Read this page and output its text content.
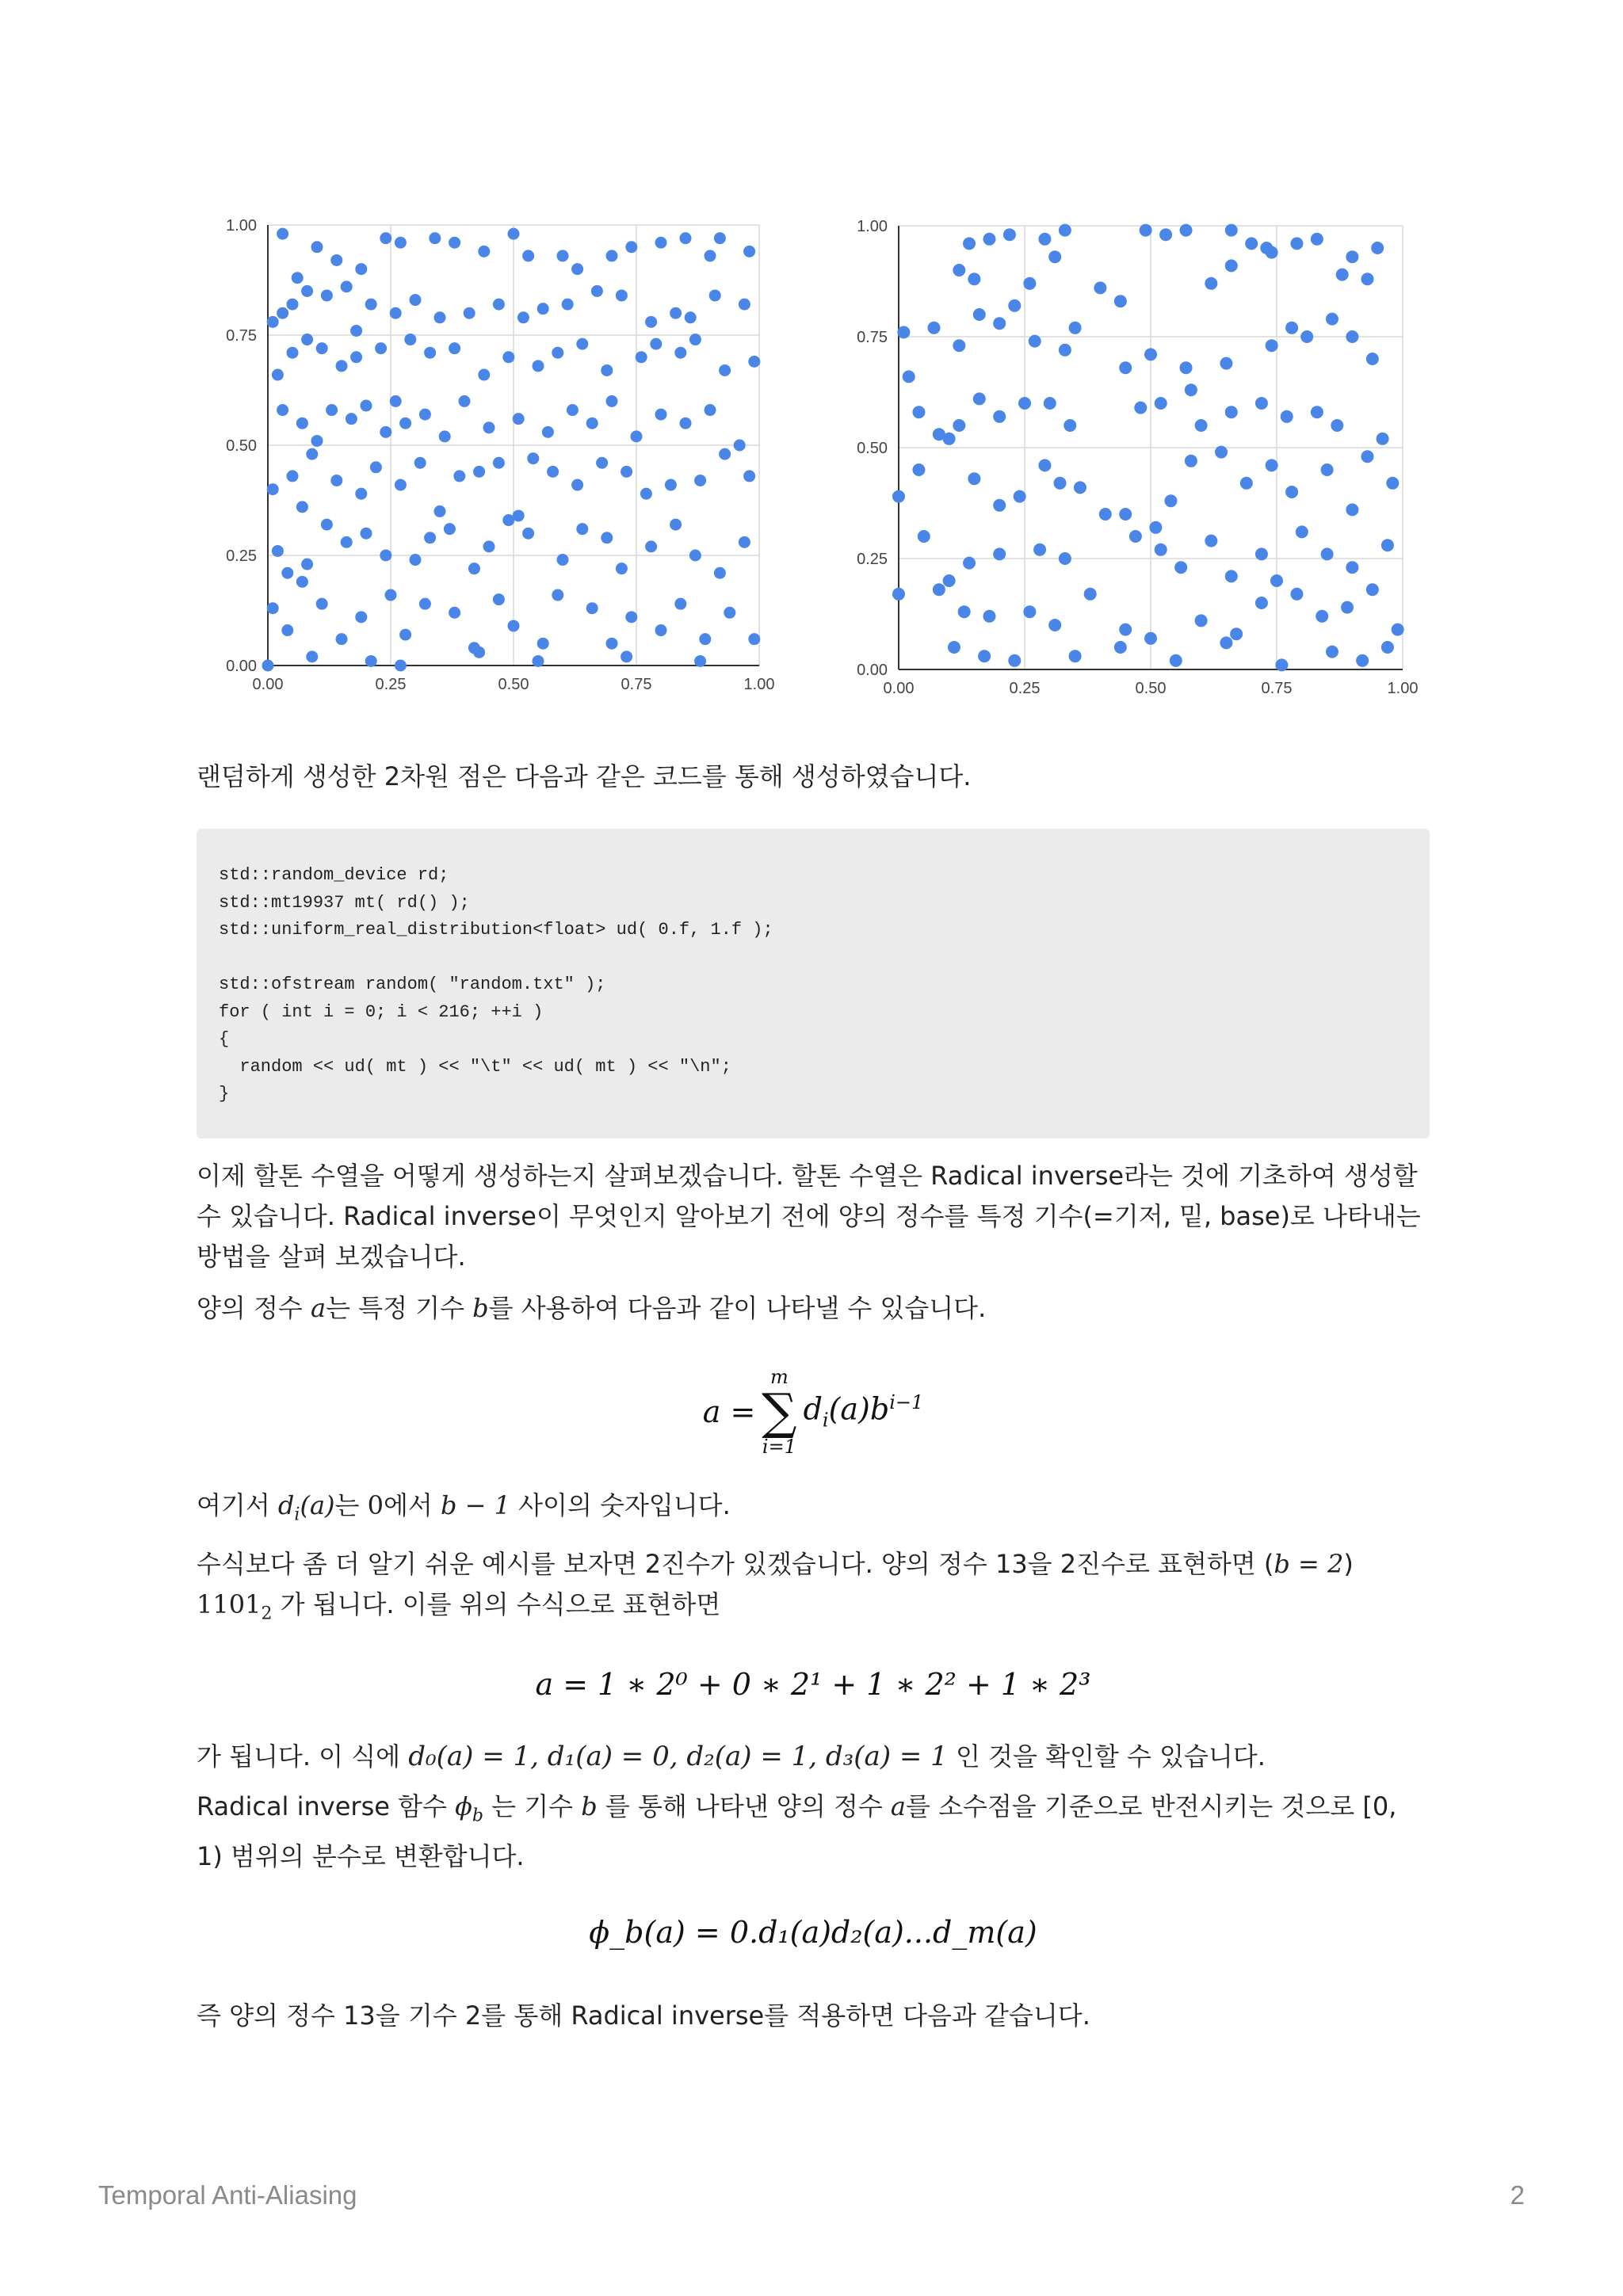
0.00	0.25	0.50	0.75	1.00
0.00
0.25
0.50
0.75
1.00
0.00	0.25	0.50	0.75	1.00
0.00
0.25
0.50
0.75
1.00

랜덤하게 생성한 2차원 점은 다음과 같은 코드를 통해 생성하였습니다.

std::random_device rd;
std::mt19937 mt( rd() );
std::uniform_real_distribution<float> ud( 0.f, 1.f );
std::ofstream random( "random.txt" );
for ( int i = 0; i < 216; ++i )
{
random << ud( mt ) << "\t" << ud( mt ) << "\n";
}

이제 할톤 수열을 어떻게 생성하는지 살펴보겠습니다. 할톤 수열은 Radical inverse라는 것에 기초하여 생성할 수 있습니다. Radical inverse이 무엇인지 알아보기 전에 양의 정수를 특정 기수(=기저, 밑, base)로 나타내는 방법을 살펴 보겠습니다.

양의 정수 a는 특정 기수 b를 사용하여 다음과 같이 나타낼 수 있습니다.

a =
m
∑
i=1
$d_i(a)b^{i-1}$

여기서 $d_i(a)$는 0에서 b − 1 사이의 숫자입니다.

수식보다 좀 더 알기 쉬운 예시를 보자면 2진수가 있겠습니다. 양의 정수 13을 2진수로 표현하면 (b = 2)
$1101_2$ 가 됩니다. 이를 위의 수식으로 표현하면

a = 1 ∗ 2⁰ + 0 ∗ 2¹ + 1 ∗ 2² + 1 ∗ 2³

가 됩니다. 이 식에 d₀(a) = 1, d₁(a) = 0, d₂(a) = 1, d₃(a) = 1 인 것을 확인할 수 있습니다.

Radical inverse 함수 $\phi_b$ 는 기수 b 를 통해 나타낸 양의 정수 a를 소수점을 기준으로 반전시키는 것으로 [0, 1) 범위의 분수로 변환합니다.

ϕ_b(a) = 0.d₁(a)d₂(a)...d_m(a)

즉 양의 정수 13을 기수 2를 통해 Radical inverse를 적용하면 다음과 같습니다.

Temporal Anti-Aliasing	2
